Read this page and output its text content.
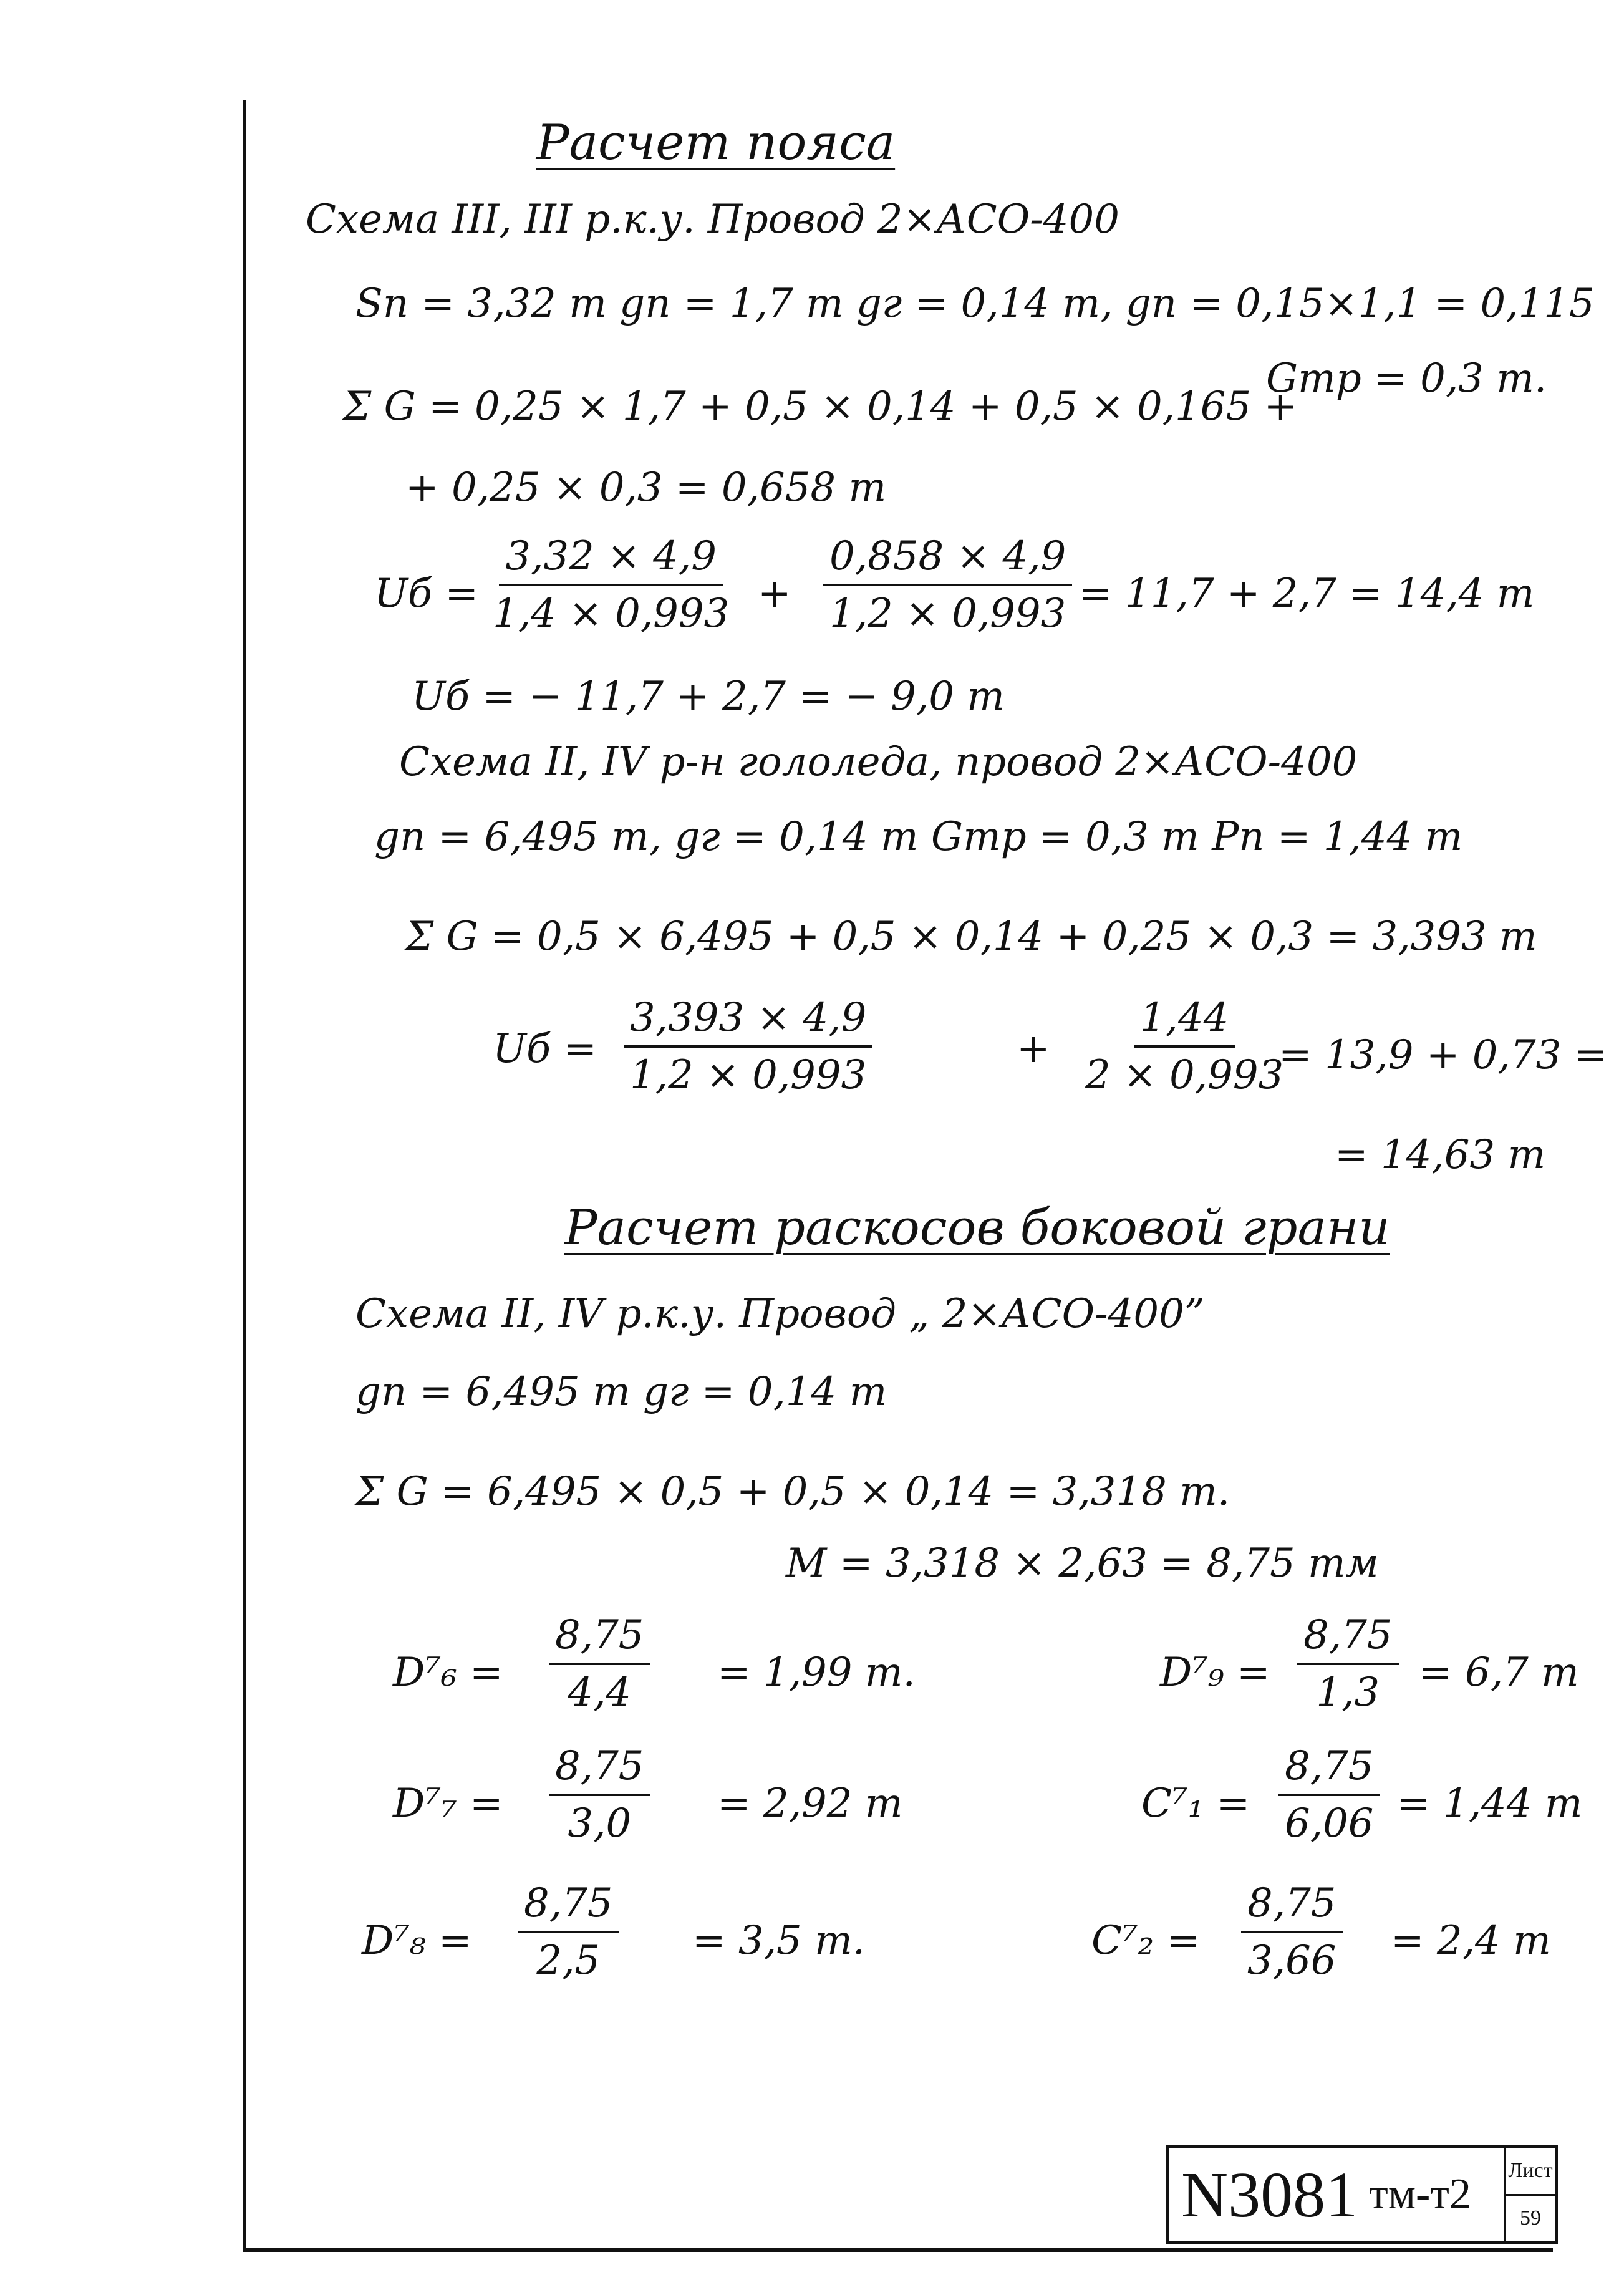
Расчет пояса
Схема III, III р.к.у. Провод 2×АСО-400
Sп = 3,32 т gп = 1,7 т gг = 0,14 т, gп = 0,15×1,1 = 0,115
Gтр = 0,3 т.
Σ G = 0,25 × 1,7 + 0,5 × 0,14 + 0,5 × 0,165 +
+ 0,25 × 0,3 = 0,658 т
Uб = $\frac{3,32 \times 4,9}{1,4 \times 0,993} + \frac{0,858 \times 4,9}{1,2 \times 0,993} = 11,7 + 2,7 = 14,4$ т
Uб = − 11,7 + 2,7 = − 9,0 т
Схема II, IV р-н гололеда, провод 2×АСО-400
gп = 6,495 т, gг = 0,14 т Gтр = 0,3 т Pп = 1,44 т
Σ G = 0,5 × 6,495 + 0,5 × 0,14 + 0,25 × 0,3 = 3,393 т
Uб = $\frac{3,393 \times 4,9}{1,2 \times 0,993}$	+ $\frac{1,44}{2 \times 0,993}$
= 13,9 + 0,73 =
= 14,63 т
Расчет раскосов боковой грани
Схема II, IV р.к.у. Провод „ 2×АСО-400”
gп = 6,495 т gг = 0,14 т
Σ G = 6,495 × 0,5 + 0,5 × 0,14 = 3,318 т.
M = 3,318 × 2,63 = 8,75 тм
$D^7_6 = \frac{8,75}{4,4} = 1,99$ т.	$D^7_9 = \frac{8,75}{1,3} = 6,7$ т
$D^7_7 = \frac{8,75}{3,0} = 2,92$ т	$C^7_1 = \frac{8,75}{6,06} = 1,44$ т
$D^7_8 = \frac{8,75}{2,5} = 3,5$ т.	$C^7_2 = \frac{8,75}{3,66} = 2,4$ т
N3081 тм-т2 Лист
59
